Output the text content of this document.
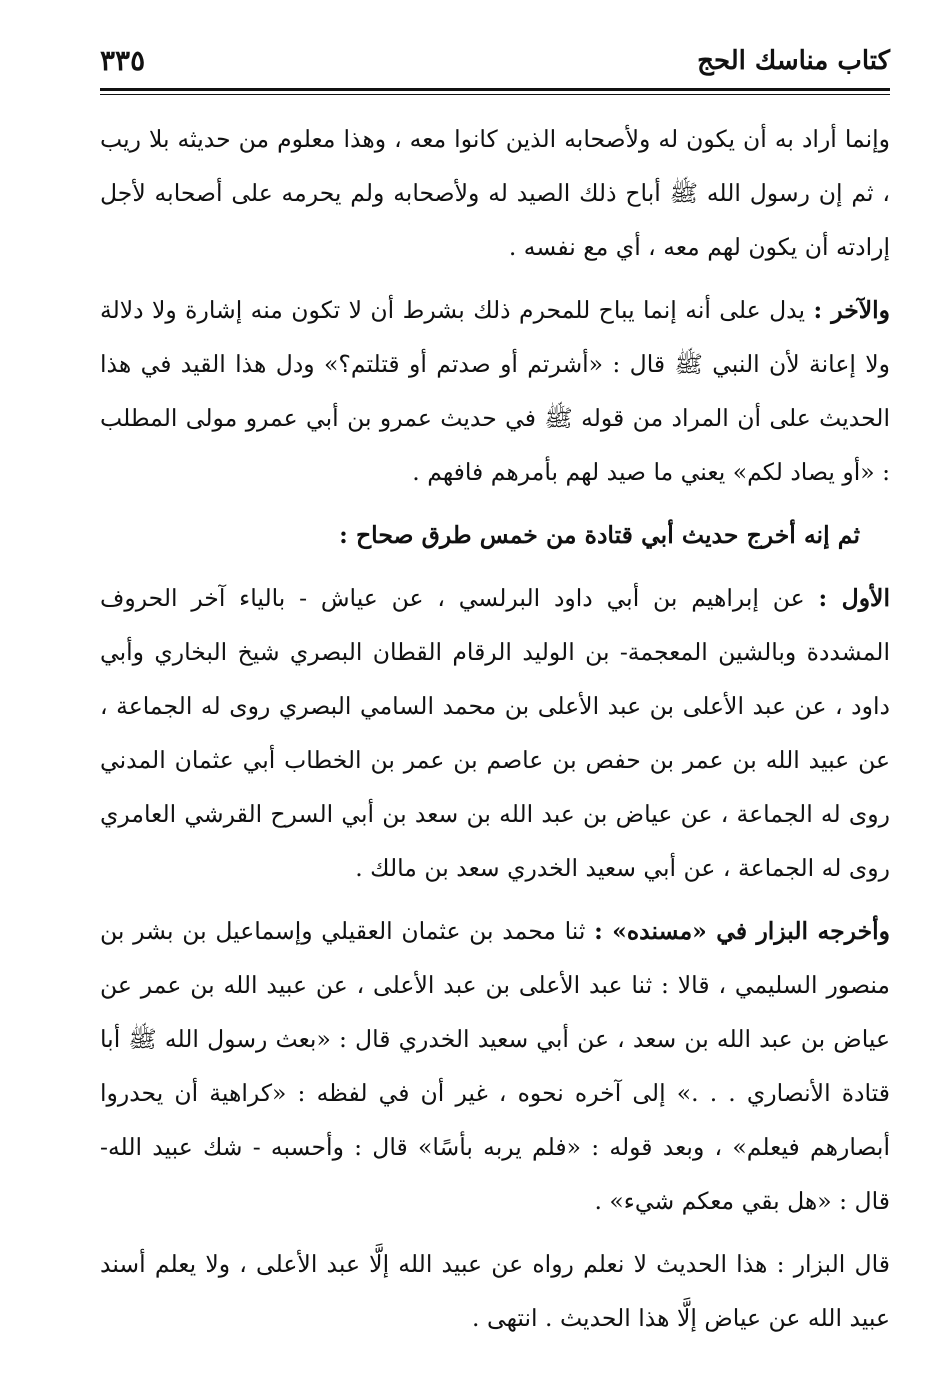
كتاب مناسك الحج
٣٣٥

وإنما أراد به أن يكون له ولأصحابه الذين كانوا معه ، وهذا معلوم من حديثه بلا ريب ، ثم إن رسول الله ﷺ أباح ذلك الصيد له ولأصحابه ولم يحرمه على أصحابه لأجل إرادته أن يكون لهم معه ، أي مع نفسه .

والآخر : يدل على أنه إنما يباح للمحرم ذلك بشرط أن لا تكون منه إشارة ولا دلالة ولا إعانة لأن النبي ﷺ قال : «أشرتم أو صدتم أو قتلتم؟» ودل هذا القيد في هذا الحديث على أن المراد من قوله ﷺ في حديث عمرو بن أبي عمرو مولى المطلب : «أو يصاد لكم» يعني ما صيد لهم بأمرهم فافهم .

ثم إنه أخرج حديث أبي قتادة من خمس طرق صحاح :

الأول : عن إبراهيم بن أبي داود البرلسي ، عن عياش - بالياء آخر الحروف المشددة وبالشين المعجمة- بن الوليد الرقام القطان البصري شيخ البخاري وأبي داود ، عن عبد الأعلى بن عبد الأعلى بن محمد السامي البصري روى له الجماعة ، عن عبيد الله بن عمر بن حفص بن عاصم بن عمر بن الخطاب أبي عثمان المدني روى له الجماعة ، عن عياض بن عبد الله بن سعد بن أبي السرح القرشي العامري روى له الجماعة ، عن أبي سعيد الخدري سعد بن مالك .

وأخرجه البزار في «مسنده» : ثنا محمد بن عثمان العقيلي وإسماعيل بن بشر بن منصور السليمي ، قالا : ثنا عبد الأعلى بن عبد الأعلى ، عن عبيد الله بن عمر عن عياض بن عبد الله بن سعد ، عن أبي سعيد الخدري قال : «بعث رسول الله ﷺ أبا قتادة الأنصاري . . .» إلى آخره نحوه ، غير أن في لفظه : «كراهية أن يحدروا أبصارهم فيعلم» ، وبعد قوله : «فلم يربه بأسًا» قال : وأحسبه - شك عبيد الله- قال : «هل بقي معكم شيء» .

قال البزار : هذا الحديث لا نعلم رواه عن عبيد الله إلَّا عبد الأعلى ، ولا يعلم أسند عبيد الله عن عياض إلَّا هذا الحديث . انتهى .
